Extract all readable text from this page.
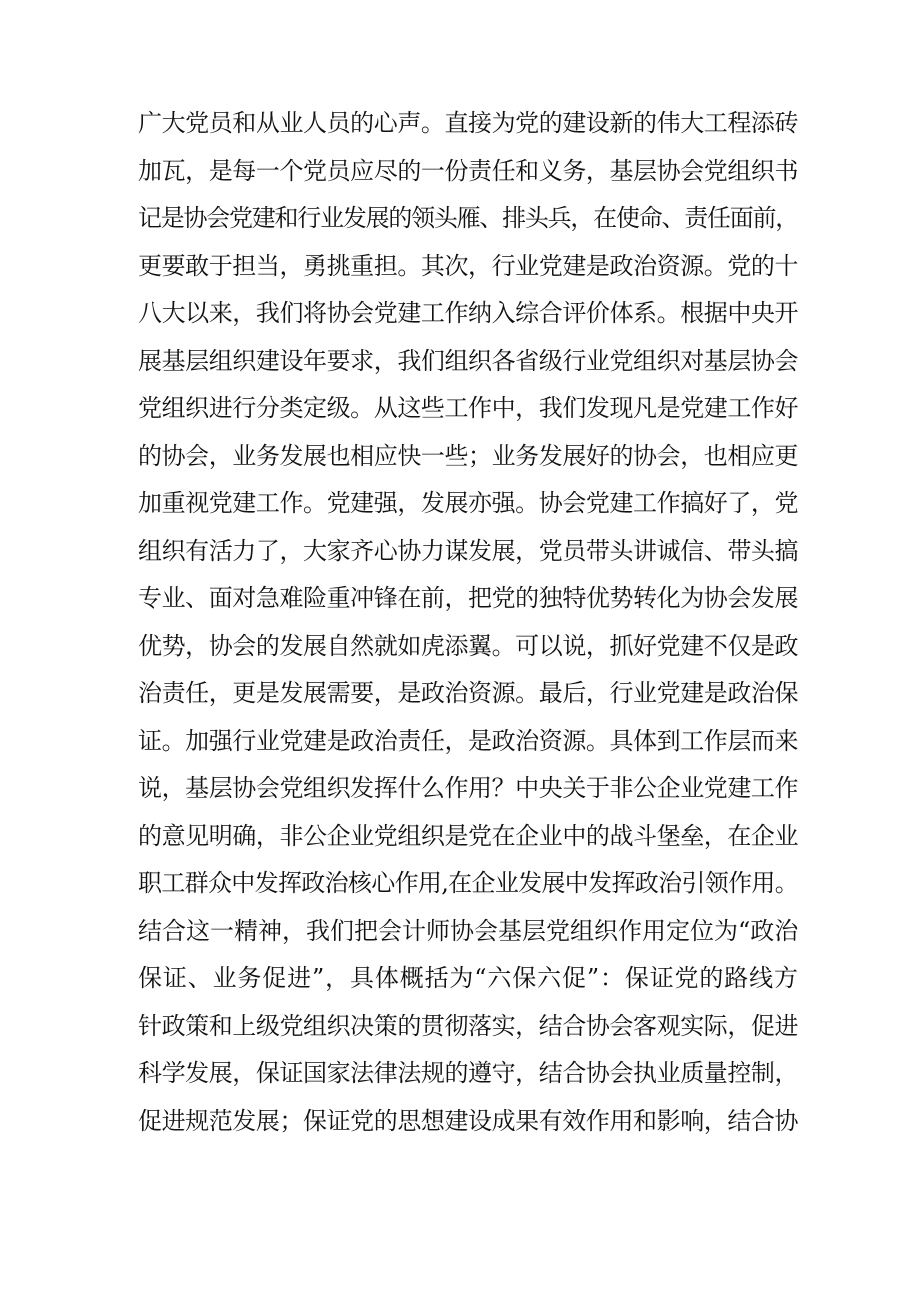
广大党员和从业人员的心声。直接为党的建设新的伟大工程添砖
加瓦，是每一个党员应尽的一份责任和义务，基层协会党组织书
记是协会党建和行业发展的领头雁、排头兵，在使命、责任面前，
更要敢于担当，勇挑重担。其次，行业党建是政治资源。党的十
八大以来，我们将协会党建工作纳入综合评价体系。根据中央开
展基层组织建设年要求，我们组织各省级行业党组织对基层协会
党组织进行分类定级。从这些工作中，我们发现凡是党建工作好
的协会，业务发展也相应快一些；业务发展好的协会，也相应更
加重视党建工作。党建强，发展亦强。协会党建工作搞好了，党
组织有活力了，大家齐心协力谋发展，党员带头讲诚信、带头搞
专业、面对急难险重冲锋在前，把党的独特优势转化为协会发展
优势，协会的发展自然就如虎添翼。可以说，抓好党建不仅是政
治责任，更是发展需要，是政治资源。最后，行业党建是政治保
证。加强行业党建是政治责任，是政治资源。具体到工作层而来
说，基层协会党组织发挥什么作用？中央关于非公企业党建工作
的意见明确，非公企业党组织是党在企业中的战斗堡垒，在企业
职工群众中发挥政治核心作用,在企业发展中发挥政治引领作用。
结合这一精神，我们把会计师协会基层党组织作用定位为“政治
保证、业务促进”，具体概括为“六保六促”：保证党的路线方
针政策和上级党组织决策的贯彻落实，结合协会客观实际，促进
科学发展，保证国家法律法规的遵守，结合协会执业质量控制，
促进规范发展；保证党的思想建设成果有效作用和影响，结合协
